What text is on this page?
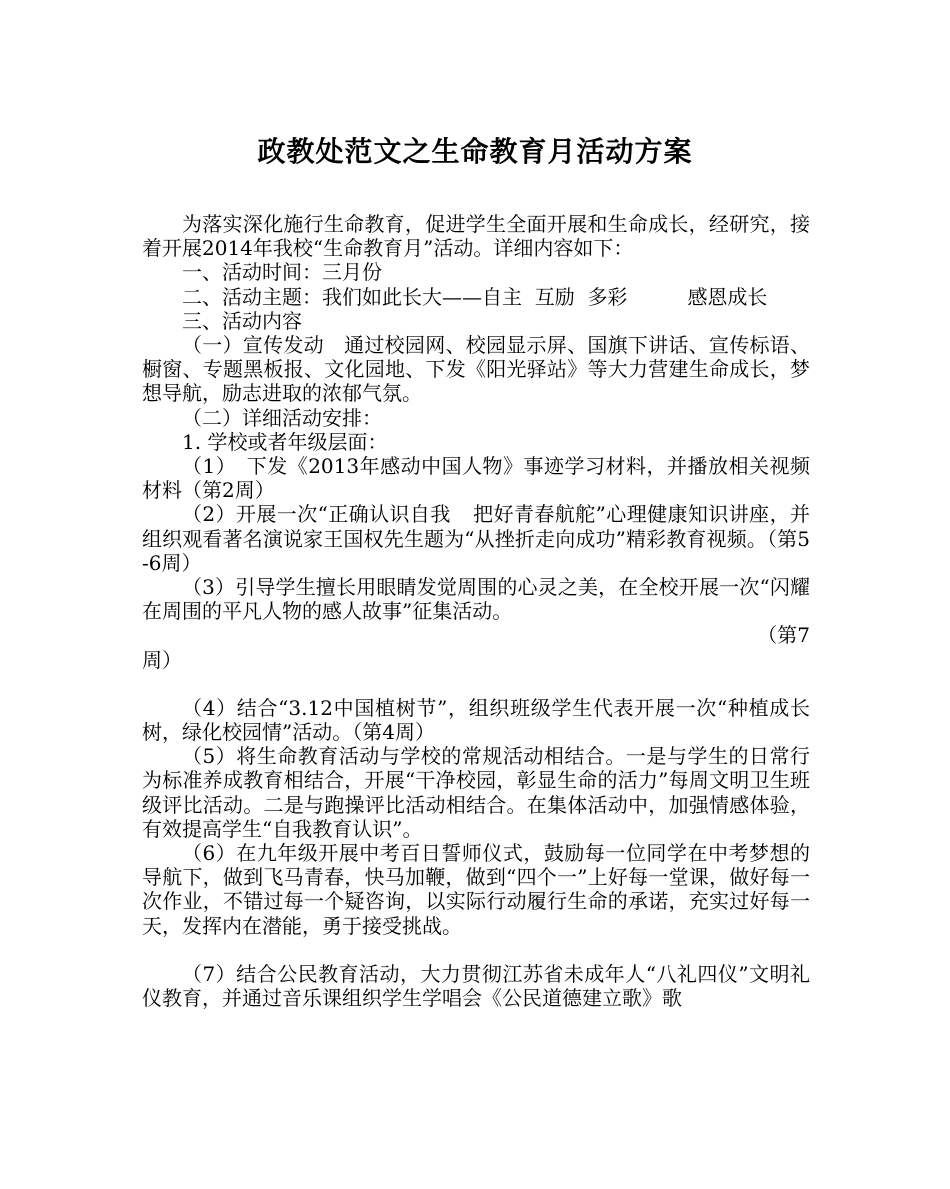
政教处范文之生命教育月活动方案

为落实深化施行生命教育，促进学生全面开展和生命成长，经研究，接着开展2014年我校“生命教育月”活动。详细内容如下：

一、活动时间：三月份

二、活动主题：我们如此长大——自主 互励 多彩	感恩成长

三、活动内容

（一）宣传发动　通过校园网、校园显示屏、国旗下讲话、宣传标语、橱窗、专题黑板报、文化园地、下发《阳光驿站》等大力营建生命成长，梦想导航，励志进取的浓郁气氛。

（二）详细活动安排：

1. 学校或者年级层面：

（1）　下发《2013年感动中国人物》事迹学习材料，并播放相关视频材料（第2周）

（2）开展一次“正确认识自我 把好青春航舵”心理健康知识讲座，并组织观看著名演说家王国权先生题为“从挫折走向成功”精彩教育视频。（第5-6周）

（3）引导学生擅长用眼睛发觉周围的心灵之美，在全校开展一次“闪耀在周围的平凡人物的感人故事”征集活动。

（第7

周）

（4）结合“3.12中国植树节”，组织班级学生代表开展一次“种植成长树，绿化校园情”活动。（第4周）

（5）将生命教育活动与学校的常规活动相结合。一是与学生的日常行为标准养成教育相结合，开展“干净校园，彰显生命的活力”每周文明卫生班级评比活动。二是与跑操评比活动相结合。在集体活动中，加强情感体验，有效提高学生“自我教育认识”。

（6）在九年级开展中考百日誓师仪式，鼓励每一位同学在中考梦想的导航下，做到飞马青春，快马加鞭，做到“四个一”上好每一堂课，做好每一次作业，不错过每一个疑咨询，以实际行动履行生命的承诺，充实过好每一天，发挥内在潜能，勇于接受挑战。

（7）结合公民教育活动，大力贯彻江苏省未成年人“八礼四仪”文明礼仪教育，并通过音乐课组织学生学唱会《公民道德建立歌》歌
